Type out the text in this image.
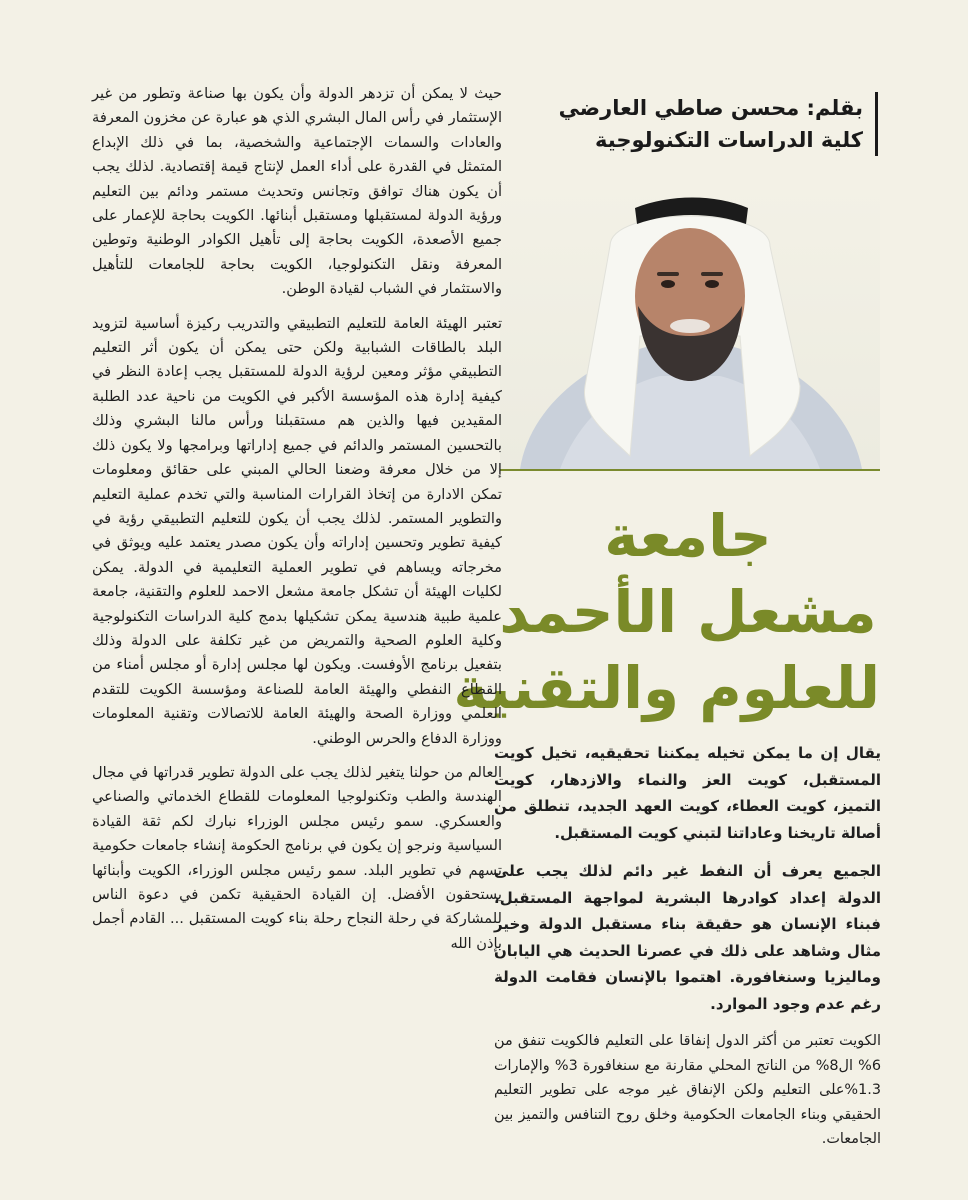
بقلم: محسن صاطي العارضي
كلية الدراسات التكنولوجية
جامعة
مشعل الأحمد
للعلوم والتقنية

يقال إن ما يمكن تخيله يمكننا تحقيقيه، تخيل كويت المستقبل، كويت العز والنماء والازدهار، كويت التميز، كويت العطاء، كويت العهد الجديد، تنطلق من أصالة تاريخنا وعاداتنا لتبني كويت المستقبل.

الجميع يعرف أن النفط غير دائم لذلك يجب على الدولة إعداد كوادرها البشرية لمواجهة المستقبل، فبناء الإنسان هو حقيقة بناء مستقبل الدولة وخير مثال وشاهد على ذلك في عصرنا الحديث هي اليابان وماليزيا وسنغافورة. اهتموا بالإنسان فقامت الدولة رغم عدم وجود الموارد.

الكويت تعتبر من أكثر الدول إنفاقا على التعليم فالكويت تنفق من 6% ال8% من الناتج المحلي مقارنة مع سنغافورة 3% والإمارات 1.3%على التعليم ولكن الإنفاق غير موجه على تطوير التعليم الحقيقي وبناء الجامعات الحكومية وخلق روح التنافس والتميز بين الجامعات.

حيث لا يمكن أن تزدهر الدولة وأن يكون بها صناعة وتطور من غير الإستثمار في رأس المال البشري الذي هو عبارة عن مخزون المعرفة والعادات والسمات الإجتماعية والشخصية، بما في ذلك الإبداع المتمثل في القدرة على أداء العمل لإنتاج قيمة إقتصادية. لذلك يجب أن يكون هناك توافق وتجانس وتحديث مستمر ودائم بين التعليم ورؤية الدولة لمستقبلها ومستقبل أبنائها. الكويت بحاجة للإعمار على جميع الأصعدة، الكويت بحاجة إلى تأهيل الكوادر الوطنية وتوطين المعرفة ونقل التكنولوجيا، الكويت بحاجة للجامعات للتأهيل والاستثمار في الشباب لقيادة الوطن.

تعتبر الهيئة العامة للتعليم التطبيقي والتدريب ركيزة أساسية لتزويد البلد بالطاقات الشبابية ولكن حتى يمكن أن يكون أثر التعليم التطبيقي مؤثر ومعين لرؤية الدولة للمستقبل يجب إعادة النظر في كيفية إدارة هذه المؤسسة الأكبر في الكويت من ناحية عدد الطلبة المقيدين فيها والذين هم مستقبلنا ورأس مالنا البشري وذلك بالتحسين المستمر والدائم في جميع إداراتها وبرامجها ولا يكون ذلك إلا من خلال معرفة وضعنا الحالي المبني على حقائق ومعلومات تمكن الادارة من إتخاذ القرارات المناسبة والتي تخدم عملية التعليم والتطوير المستمر. لذلك يجب أن يكون للتعليم التطبيقي رؤية في كيفية تطوير وتحسين إداراته وأن يكون مصدر يعتمد عليه ويوثق في مخرجاته ويساهم في تطوير العملية التعليمية في الدولة. يمكن لكليات الهيئة أن تشكل جامعة مشعل الاحمد للعلوم والتقنية، جامعة علمية طبية هندسية يمكن تشكيلها بدمج كلية الدراسات التكنولوجية وكلية العلوم الصحية والتمريض من غير تكلفة على الدولة وذلك بتفعيل برنامج الأوفست. ويكون لها مجلس إدارة أو مجلس أمناء من القطاع النفطي والهيئة العامة للصناعة ومؤسسة الكويت للتقدم العلمي ووزارة الصحة والهيئة العامة للاتصالات وتقنية المعلومات ووزارة الدفاع والحرس الوطني.

العالم من حولنا يتغير لذلك يجب على الدولة تطوير قدراتها في مجال الهندسة والطب وتكنولوجيا المعلومات للقطاع الخدماتي والصناعي والعسكري. سمو رئيس مجلس الوزراء نبارك لكم ثقة القيادة السياسية ونرجو إن يكون في برنامج الحكومة إنشاء جامعات حكومية تسهم في تطوير البلد. سمو رئيس مجلس الوزراء، الكويت وأبنائها يستحقون الأفضل. إن القيادة الحقيقية تكمن في دعوة الناس للمشاركة في رحلة النجاح رحلة بناء كويت المستقبل ... القادم أجمل بإذن الله
